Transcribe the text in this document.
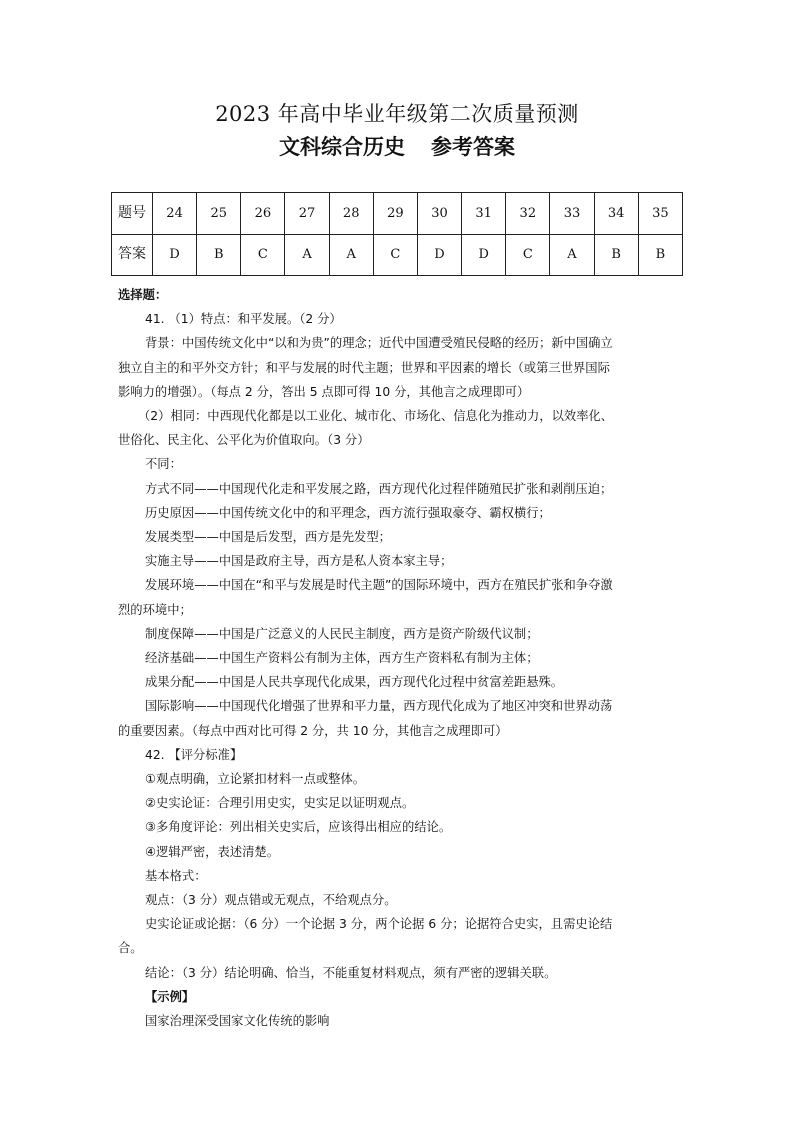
2023 年高中毕业年级第二次质量预测
文科综合历史 参考答案
题号	24	25	26	27	28	29	30	31	32	33	34	35
答案	D	B	C	A	A	C	D	D	C	A	B	B

选择题：

41. （1）特点：和平发展。（2 分）

背景：中国传统文化中“以和为贵”的理念；近代中国遭受殖民侵略的经历；新中国确立

独立自主的和平外交方针；和平与发展的时代主题；世界和平因素的增长（或第三世界国际

影响力的增强）。（每点 2 分，答出 5 点即可得 10 分，其他言之成理即可）

（2）相同：中西现代化都是以工业化、城市化、市场化、信息化为推动力，以效率化、

世俗化、民主化、公平化为价值取向。（3 分）

不同：

方式不同——中国现代化走和平发展之路，西方现代化过程伴随殖民扩张和剥削压迫；

历史原因——中国传统文化中的和平理念，西方流行强取豪夺、霸权横行；

发展类型——中国是后发型，西方是先发型；

实施主导——中国是政府主导，西方是私人资本家主导；

发展环境——中国在“和平与发展是时代主题”的国际环境中，西方在殖民扩张和争夺激

烈的环境中；

制度保障——中国是广泛意义的人民民主制度，西方是资产阶级代议制；

经济基础——中国生产资料公有制为主体，西方生产资料私有制为主体；

成果分配——中国是人民共享现代化成果，西方现代化过程中贫富差距悬殊。

国际影响——中国现代化增强了世界和平力量，西方现代化成为了地区冲突和世界动荡

的重要因素。（每点中西对比可得 2 分，共 10 分，其他言之成理即可）

42. 【评分标准】

①观点明确，立论紧扣材料一点或整体。

②史实论证：合理引用史实，史实足以证明观点。

③多角度评论：列出相关史实后，应该得出相应的结论。

④逻辑严密，表述清楚。

基本格式：

观点：（3 分）观点错或无观点，不给观点分。

史实论证或论据：（6 分）一个论据 3 分，两个论据 6 分；论据符合史实，且需史论结

合。

结论：（3 分）结论明确、恰当，不能重复材料观点，须有严密的逻辑关联。

【示例】

国家治理深受国家文化传统的影响
